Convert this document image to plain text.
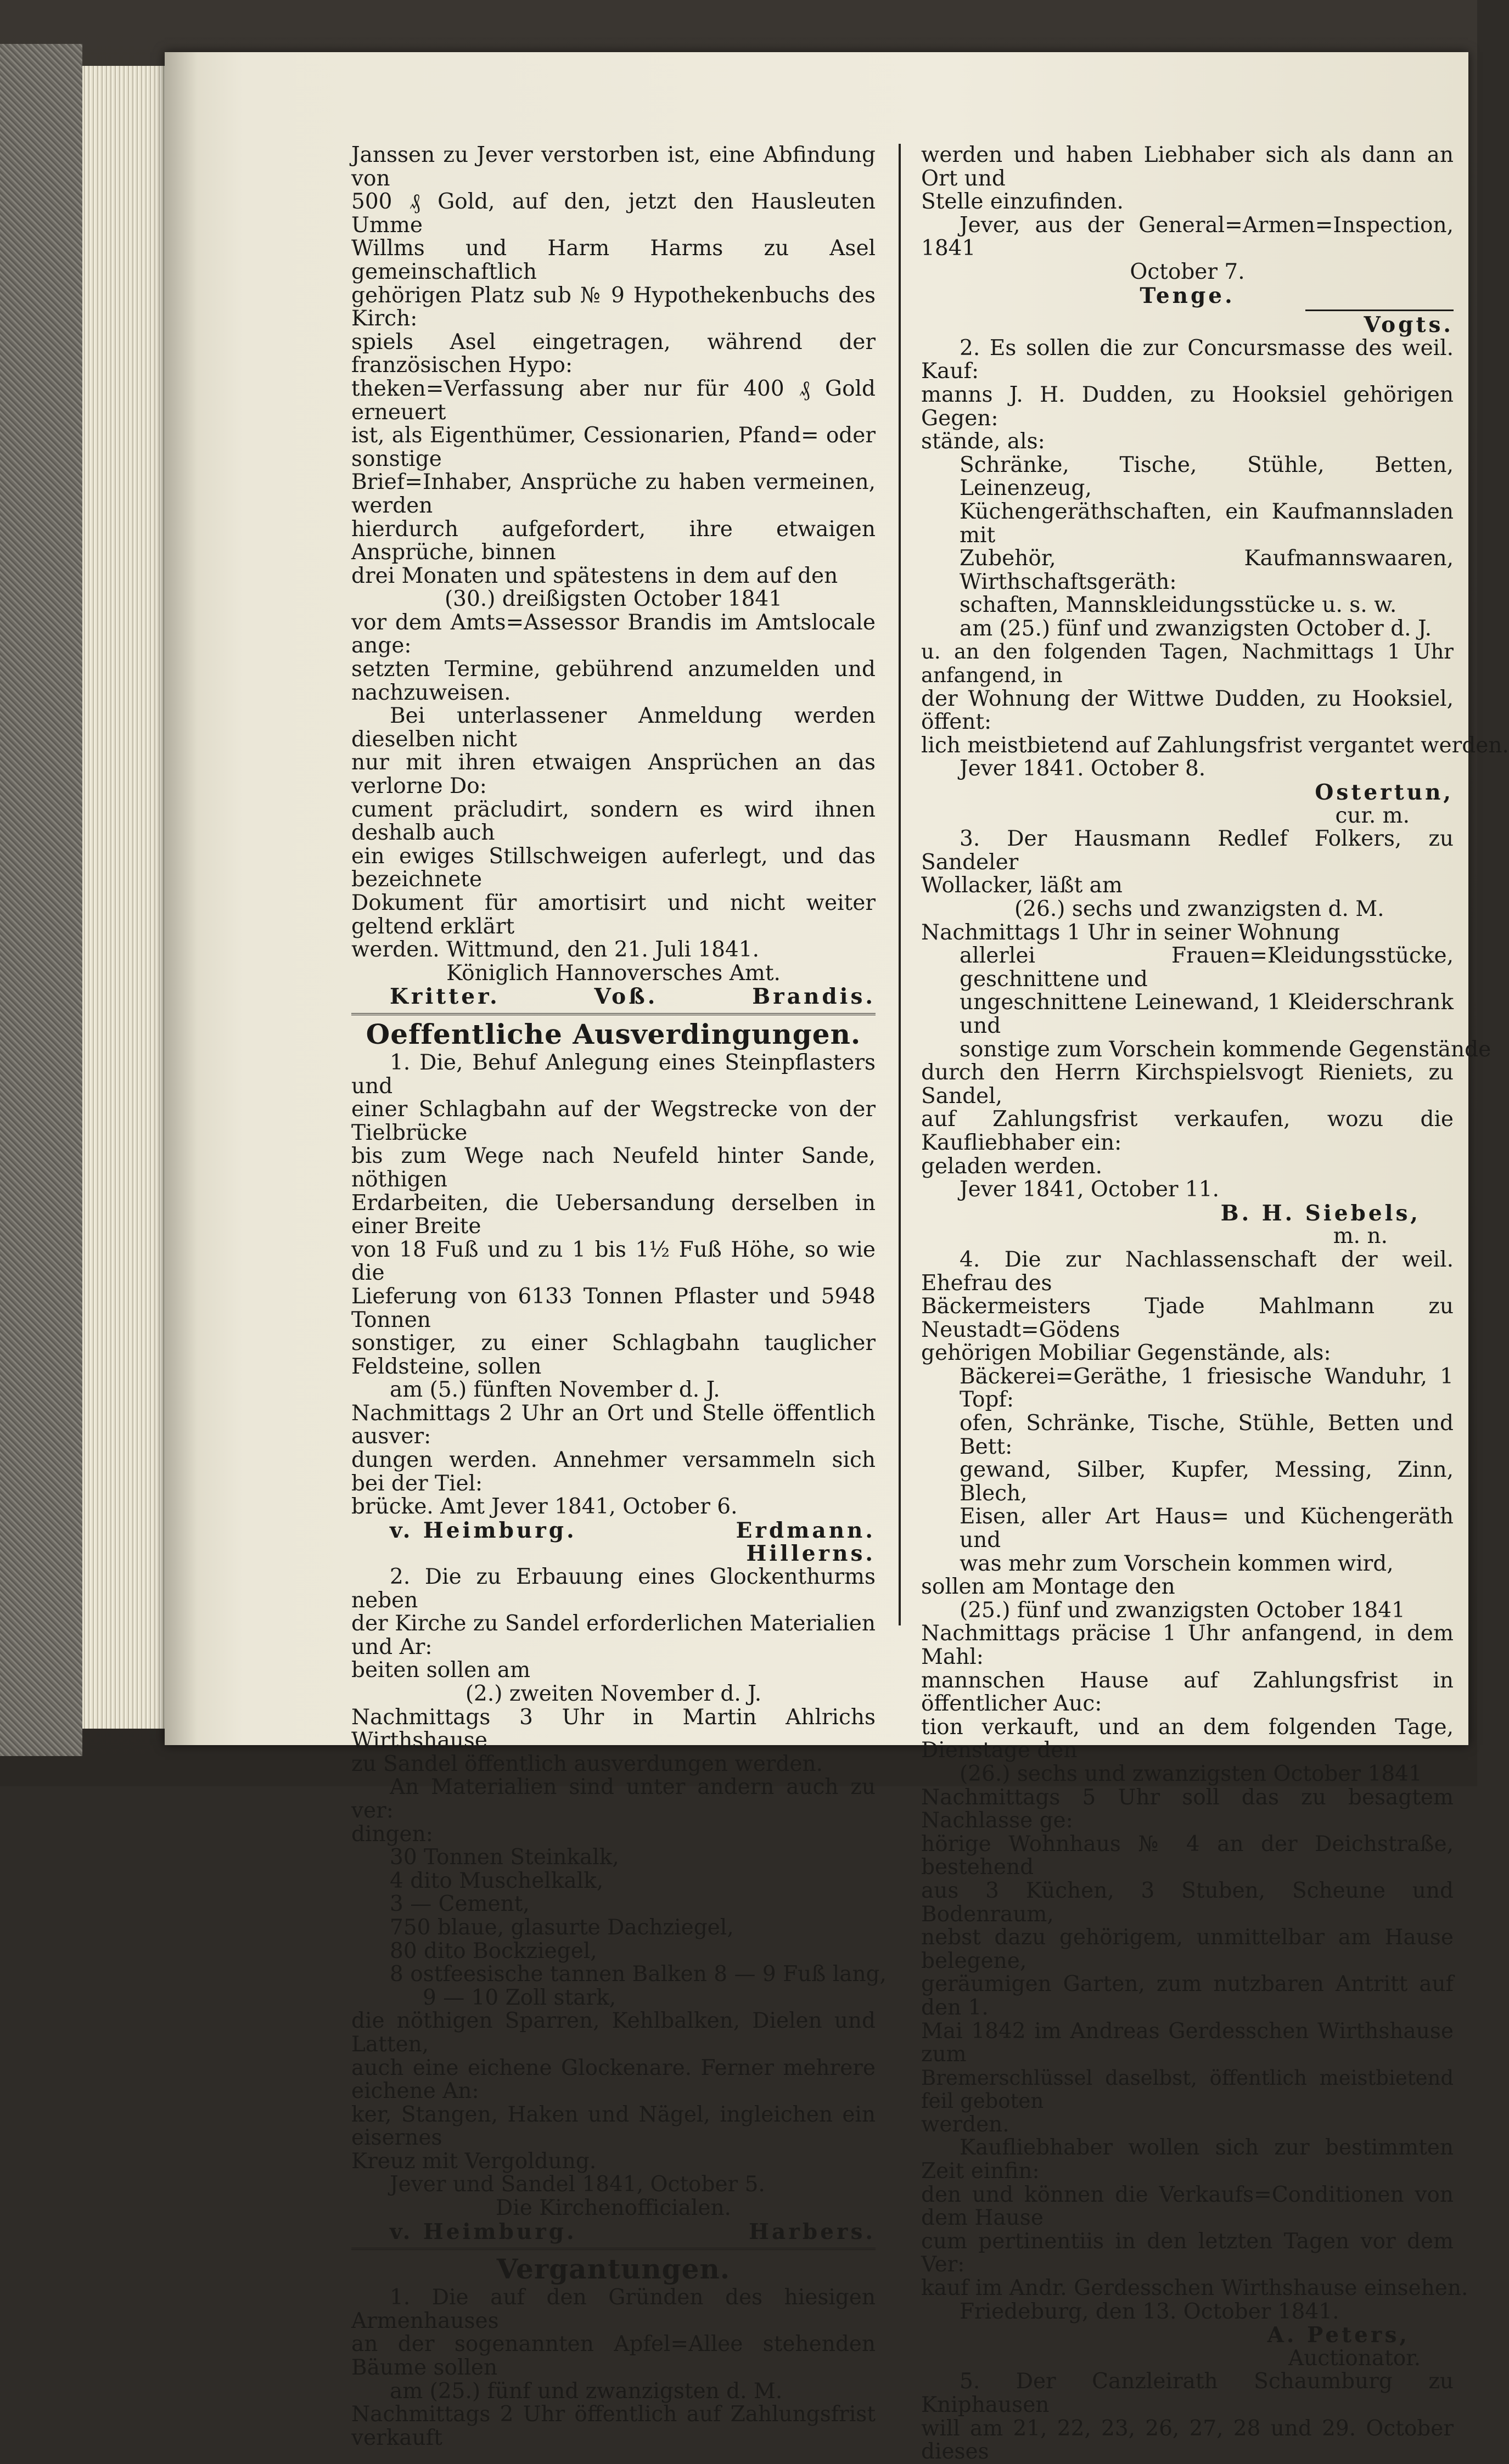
Janssen zu Jever verstorben ist, eine Abfindung von

500 ₰ Gold, auf den, jetzt den Hausleuten Umme

Willms und Harm Harms zu Asel gemeinschaftlich

gehörigen Platz sub № 9 Hypothekenbuchs des Kirch:

spiels Asel eingetragen, während der französischen Hypo:

theken=Verfassung aber nur für 400 ₰ Gold erneuert

ist, als Eigenthümer, Cessionarien, Pfand= oder sonstige

Brief=Inhaber, Ansprüche zu haben vermeinen, werden

hierdurch aufgefordert, ihre etwaigen Ansprüche, binnen

drei Monaten und spätestens in dem auf den

(30.) dreißigsten October 1841

vor dem Amts=Assessor Brandis im Amtslocale ange:

setzten Termine, gebührend anzumelden und nachzuweisen.

Bei unterlassener Anmeldung werden dieselben nicht

nur mit ihren etwaigen Ansprüchen an das verlorne Do:

cument präcludirt, sondern es wird ihnen deshalb auch

ein ewiges Stillschweigen auferlegt, und das bezeichnete

Dokument für amortisirt und nicht weiter geltend erklärt

werden. Wittmund, den 21. Juli 1841.

Königlich Hannoversches Amt.

Kritter.	Voß.	Brandis.

Oeffentliche Ausverdingungen.

1. Die, Behuf Anlegung eines Steinpflasters und

einer Schlagbahn auf der Wegstrecke von der Tielbrücke

bis zum Wege nach Neufeld hinter Sande, nöthigen

Erdarbeiten, die Uebersandung derselben in einer Breite

von 18 Fuß und zu 1 bis 1½ Fuß Höhe, so wie die

Lieferung von 6133 Tonnen Pflaster und 5948 Tonnen

sonstiger, zu einer Schlagbahn tauglicher Feldsteine, sollen

am (5.) fünften November d. J.

Nachmittags 2 Uhr an Ort und Stelle öffentlich ausver:

dungen werden. Annehmer versammeln sich bei der Tiel:

brücke. Amt Jever 1841, October 6.

v. Heimburg.	Erdmann.

Hillerns.

2. Die zu Erbauung eines Glockenthurms neben

der Kirche zu Sandel erforderlichen Materialien und Ar:

beiten sollen am

(2.) zweiten November d. J.

Nachmittags 3 Uhr in Martin Ahlrichs Wirthshause

zu Sandel öffentlich ausverdungen werden.

An Materialien sind unter andern auch zu ver:

dingen:

30 Tonnen Steinkalk,

4 dito Muschelkalk,

3 — Cement,

750 blaue, glasurte Dachziegel,

80 dito Bockziegel,

8 ostfeesische tannen Balken 8 — 9 Fuß lang,

9 — 10 Zoll stark,

die nöthigen Sparren, Kehlbalken, Dielen und Latten,

auch eine eichene Glockenare. Ferner mehrere eichene An:

ker, Stangen, Haken und Nägel, ingleichen ein eisernes

Kreuz mit Vergoldung.

Jever und Sandel 1841, October 5.

Die Kirchenofficialen.

v. Heimburg.	Harbers.

Vergantungen.

1. Die auf den Gründen des hiesigen Armenhauses

an der sogenannten Apfel=Allee stehenden Bäume sollen

am (25.) fünf und zwanzigsten d. M.

Nachmittags 2 Uhr öffentlich auf Zahlungsfrist verkauft

werden und haben Liebhaber sich als dann an Ort und

Stelle einzufinden.

Jever, aus der General=Armen=Inspection, 1841

October 7.

Tenge.

Vogts.

2. Es sollen die zur Concursmasse des weil. Kauf:

manns J. H. Dudden, zu Hooksiel gehörigen Gegen:

stände, als:

Schränke, Tische, Stühle, Betten, Leinenzeug,

Küchengeräthschaften, ein Kaufmannsladen mit

Zubehör, Kaufmannswaaren, Wirthschaftsgeräth:

schaften, Mannskleidungsstücke u. s. w.

am (25.) fünf und zwanzigsten October d. J.

u. an den folgenden Tagen, Nachmittags 1 Uhr anfangend, in

der Wohnung der Wittwe Dudden, zu Hooksiel, öffent:

lich meistbietend auf Zahlungsfrist vergantet werden.

Jever 1841. October 8.

Ostertun,

cur. m.

3. Der Hausmann Redlef Folkers, zu Sandeler

Wollacker, läßt am

(26.) sechs und zwanzigsten d. M.

Nachmittags 1 Uhr in seiner Wohnung

allerlei Frauen=Kleidungsstücke, geschnittene und

ungeschnittene Leinewand, 1 Kleiderschrank und

sonstige zum Vorschein kommende Gegenstände

durch den Herrn Kirchspielsvogt Rieniets, zu Sandel,

auf Zahlungsfrist verkaufen, wozu die Kaufliebhaber ein:

geladen werden.

Jever 1841, October 11.

B. H. Siebels,

m. n.

4. Die zur Nachlassenschaft der weil. Ehefrau des

Bäckermeisters Tjade Mahlmann zu Neustadt=Gödens

gehörigen Mobiliar Gegenstände, als:

Bäckerei=Geräthe, 1 friesische Wanduhr, 1 Topf:

ofen, Schränke, Tische, Stühle, Betten und Bett:

gewand, Silber, Kupfer, Messing, Zinn, Blech,

Eisen, aller Art Haus= und Küchengeräth und

was mehr zum Vorschein kommen wird,

sollen am Montage den

(25.) fünf und zwanzigsten October 1841

Nachmittags präcise 1 Uhr anfangend, in dem Mahl:

mannschen Hause auf Zahlungsfrist in öffentlicher Auc:

tion verkauft, und an dem folgenden Tage, Dienstage den

(26.) sechs und zwanzigsten October 1841

Nachmittags 5 Uhr soll das zu besagtem Nachlasse ge:

hörige Wohnhaus № 4 an der Deichstraße, bestehend

aus 3 Küchen, 3 Stuben, Scheune und Bodenraum,

nebst dazu gehörigem, unmittelbar am Hause belegene,

geräumigen Garten, zum nutzbaren Antritt auf den 1.

Mai 1842 im Andreas Gerdesschen Wirthshause zum

Bremerschlüssel daselbst, öffentlich meistbietend feil geboten

werden.

Kaufliebhaber wollen sich zur bestimmten Zeit einfin:

den und können die Verkaufs=Conditionen von dem Hause

cum pertinentiis in den letzten Tagen vor dem Ver:

kauf im Andr. Gerdesschen Wirthshause einsehen.

Friedeburg, den 13. October 1841.

A. Peters,

Auctionator.

5. Der Canzleirath Schaumburg zu Kniphausen

will am 21, 22, 23, 26, 27, 28 und 29. October dieses
